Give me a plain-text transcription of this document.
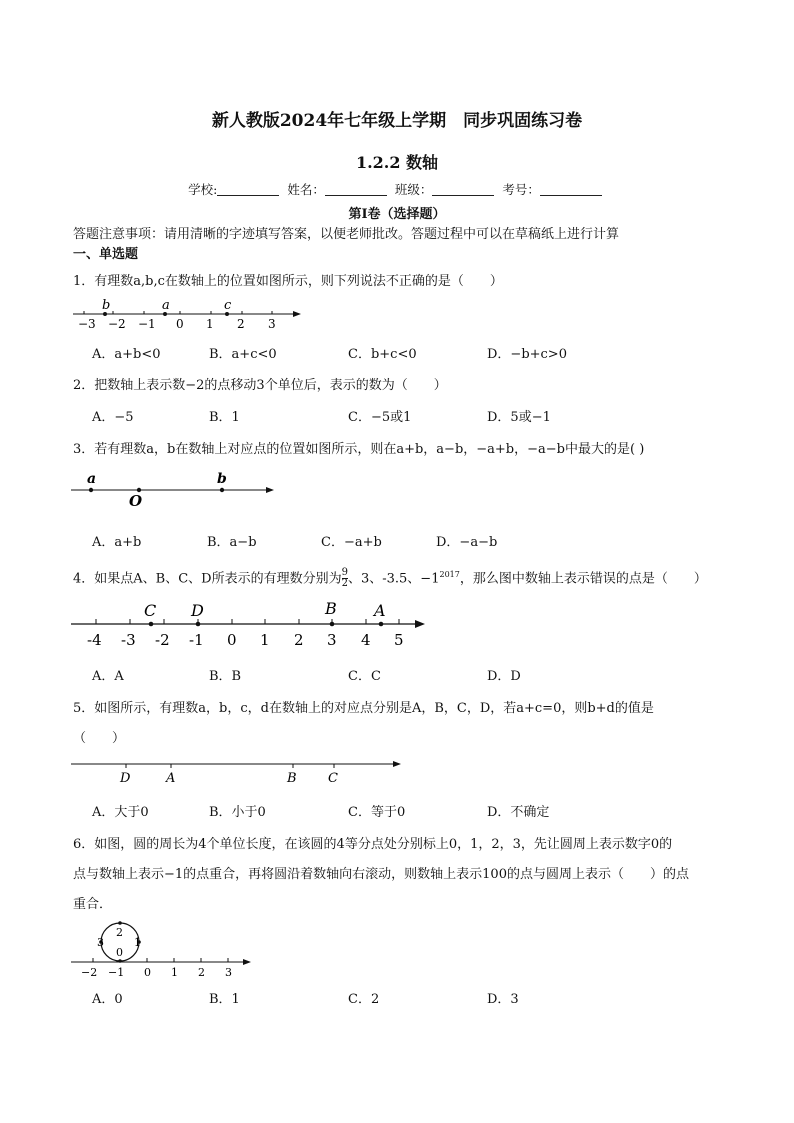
新人教版2024年七年级上学期　同步巩固练习卷
1.2.2 数轴
学校:	姓名：	班级：	考号：
第Ⅰ卷（选择题）
答题注意事项：请用清晰的字迹填写答案，以便老师批改。答题过程中可以在草稿纸上进行计算
一、单选题
1．有理数a,b,c在数轴上的位置如图所示，则下列说法不正确的是（　　）
b	a	c
−3 −2 −1 0 1 2 3
A．a+b<0	B．a+c<0	C．b+c<0	D．−b+c>0
2．把数轴上表示数−2的点移动3个单位后，表示的数为（　　）
A．−5	B．1	C．−5或1	D．5或−1
3．若有理数a，b在数轴上对应点的位置如图所示，则在a+b，a−b，−a+b，−a−b中最大的是( )
a
O
b
A．a+b	B．a−b	C．−a+b	D．−a−b
4．如果点A、B、C、D所表示的有理数分别为 $\frac{9}{2}$ 、3、-3.5、$-1^{2017}$，那么图中数轴上表示错误的点是（　　）
C D	B A
-4 -3 -2 -1 0 1 2 3 4 5
A．A	B．B	C．C	D．D
5．如图所示，有理数a，b，c，d在数轴上的对应点分别是A，B，C，D，若a+c=0，则b+d的值是
（　　）
D	A	B C
A．大于0	B．小于0	C．等于0	D．不确定
6．如图，圆的周长为4个单位长度，在该圆的4等分点处分别标上0，1，2，3，先让圆周上表示数字0的
点与数轴上表示−1的点重合，再将圆沿着数轴向右滚动，则数轴上表示100的点与圆周上表示（　　）的点
重合．
2
3	1
0
−2 −1 0 1 2 3
A．0	B．1	C．2	D．3
